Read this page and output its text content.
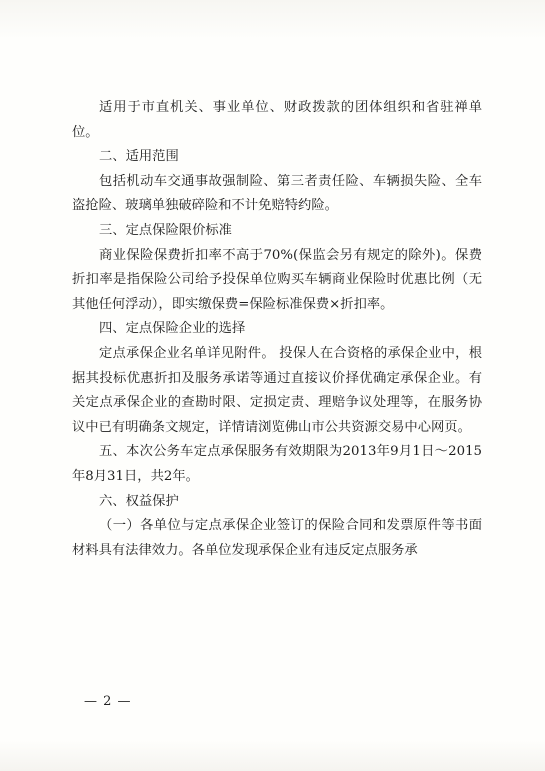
适用于市直机关、事业单位、财政拨款的团体组织和省驻禅单位。

二、适用范围

包括机动车交通事故强制险、第三者责任险、车辆损失险、全车盗抢险、玻璃单独破碎险和不计免赔特约险。

三、定点保险限价标准

商业保险保费折扣率不高于70%(保监会另有规定的除外)。保费折扣率是指保险公司给予投保单位购买车辆商业保险时优惠比例（无其他任何浮动），即实缴保费=保险标准保费×折扣率。

四、定点保险企业的选择

定点承保企业名单详见附件。 投保人在合资格的承保企业中，根据其投标优惠折扣及服务承诺等通过直接议价择优确定承保企业。有关定点承保企业的查勘时限、定损定责、理赔争议处理等，在服务协议中已有明确条文规定，详情请浏览佛山市公共资源交易中心网页。

五、本次公务车定点承保服务有效期限为2013年9月1日～2015年8月31日，共2年。

六、权益保护

（一）各单位与定点承保企业签订的保险合同和发票原件等书面材料具有法律效力。各单位发现承保企业有违反定点服务承

— 2 —
